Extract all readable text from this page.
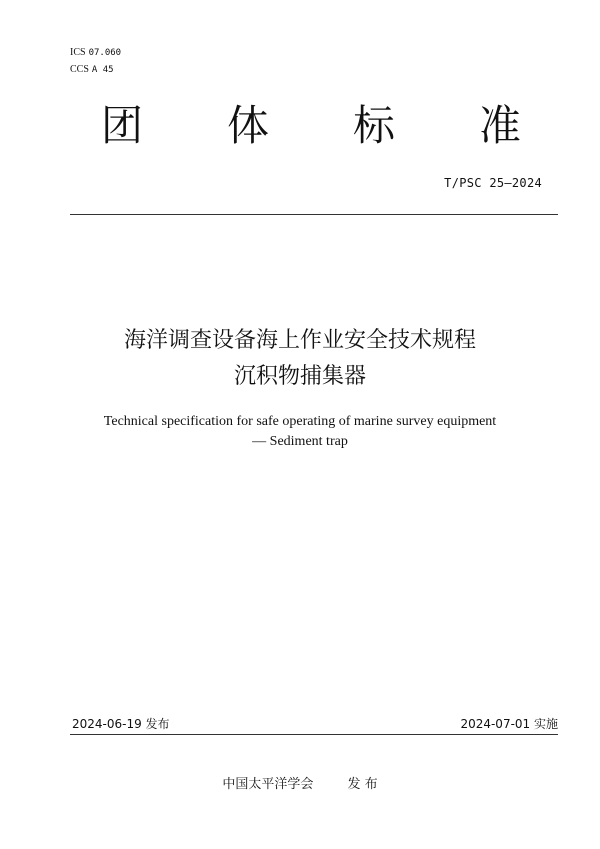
ICS 07.060
CCS A 45
团 体 标 准
T/PSC 25—2024
海洋调查设备海上作业安全技术规程
沉积物捕集器
Technical specification for safe operating of marine survey equipment
— Sediment trap
2024-06-19 发布	2024-07-01 实施
中国太平洋学会	发 布
